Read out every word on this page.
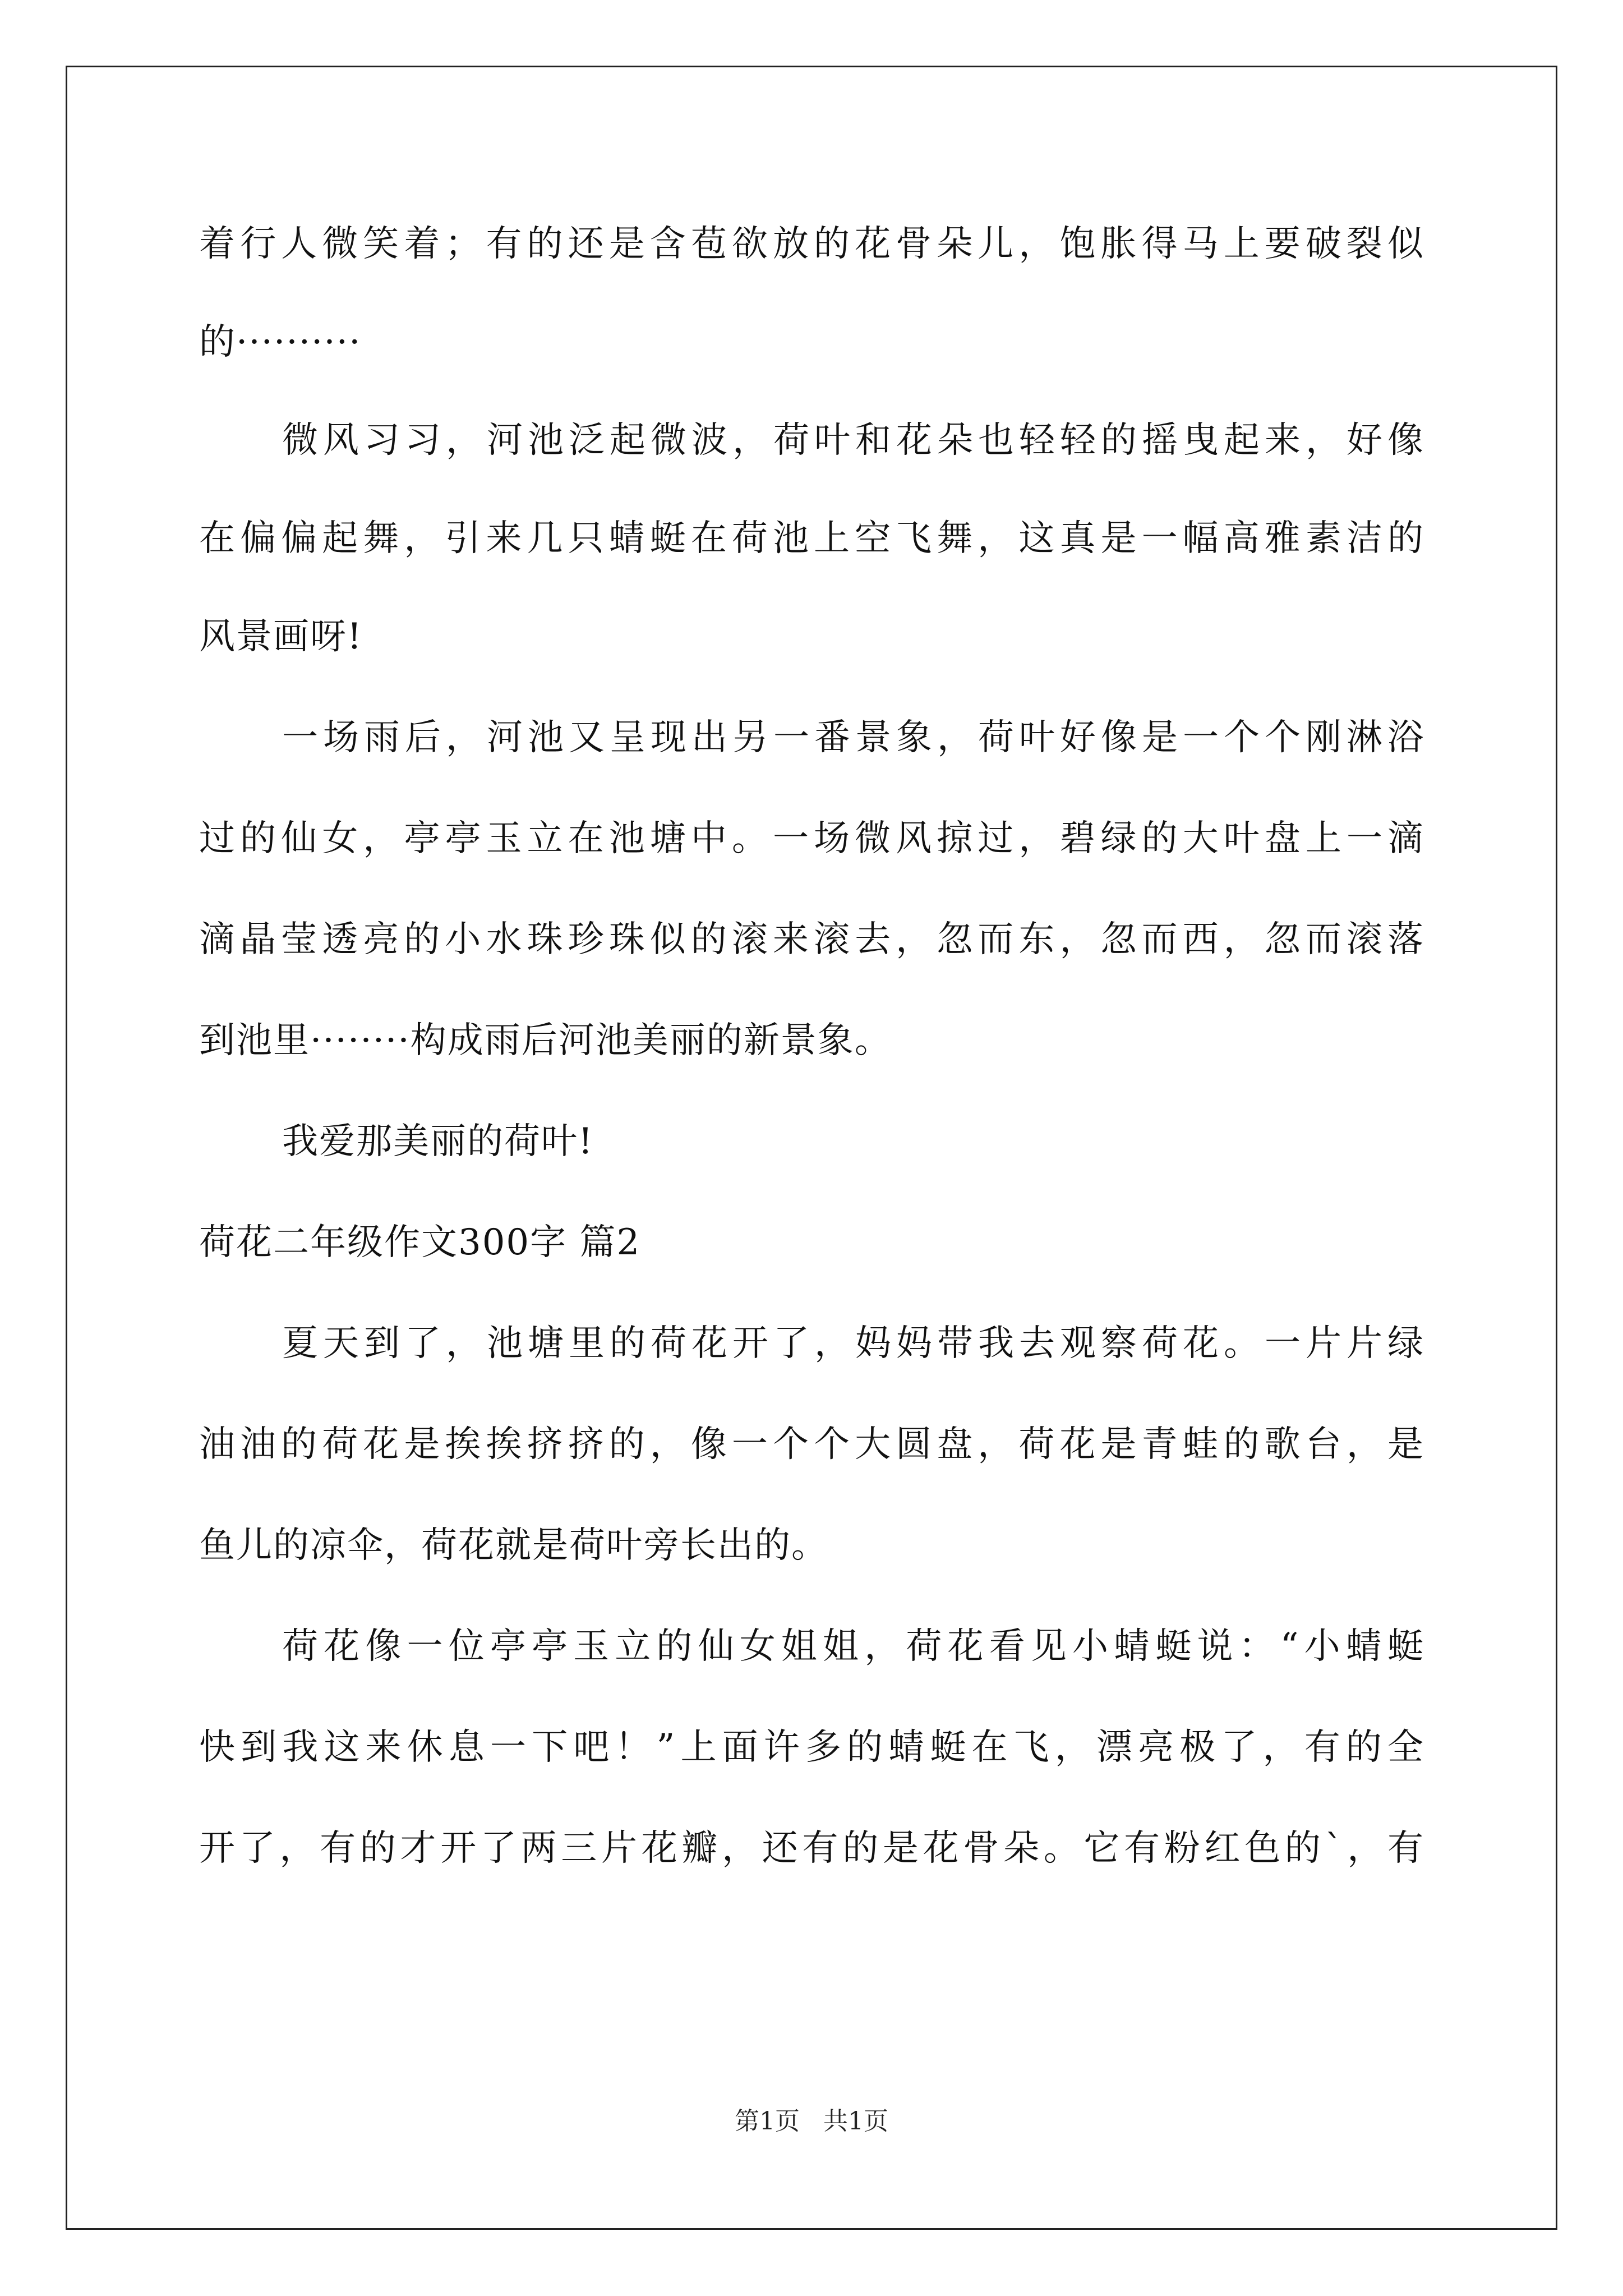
着行人微笑着；有的还是含苞欲放的花骨朵儿，饱胀得马上要破裂似
的··········
微风习习，河池泛起微波，荷叶和花朵也轻轻的摇曳起来，好像
在偏偏起舞，引来几只蜻蜓在荷池上空飞舞，这真是一幅高雅素洁的
风景画呀!
一场雨后，河池又呈现出另一番景象，荷叶好像是一个个刚淋浴
过的仙女，亭亭玉立在池塘中。一场微风掠过，碧绿的大叶盘上一滴
滴晶莹透亮的小水珠珍珠似的滚来滚去，忽而东，忽而西，忽而滚落
到池里········构成雨后河池美丽的新景象。
我爱那美丽的荷叶!
荷花二年级作文300字 篇2
夏天到了，池塘里的荷花开了，妈妈带我去观察荷花。一片片绿
油油的荷花是挨挨挤挤的，像一个个大圆盘，荷花是青蛙的歌台，是
鱼儿的凉伞，荷花就是荷叶旁长出的。
荷花像一位亭亭玉立的仙女姐姐，荷花看见小蜻蜓说：“小蜻蜓
快到我这来休息一下吧！”上面许多的蜻蜓在飞，漂亮极了，有的全
开了，有的才开了两三片花瓣，还有的是花骨朵。它有粉红色的`，有
第1页   共1页
